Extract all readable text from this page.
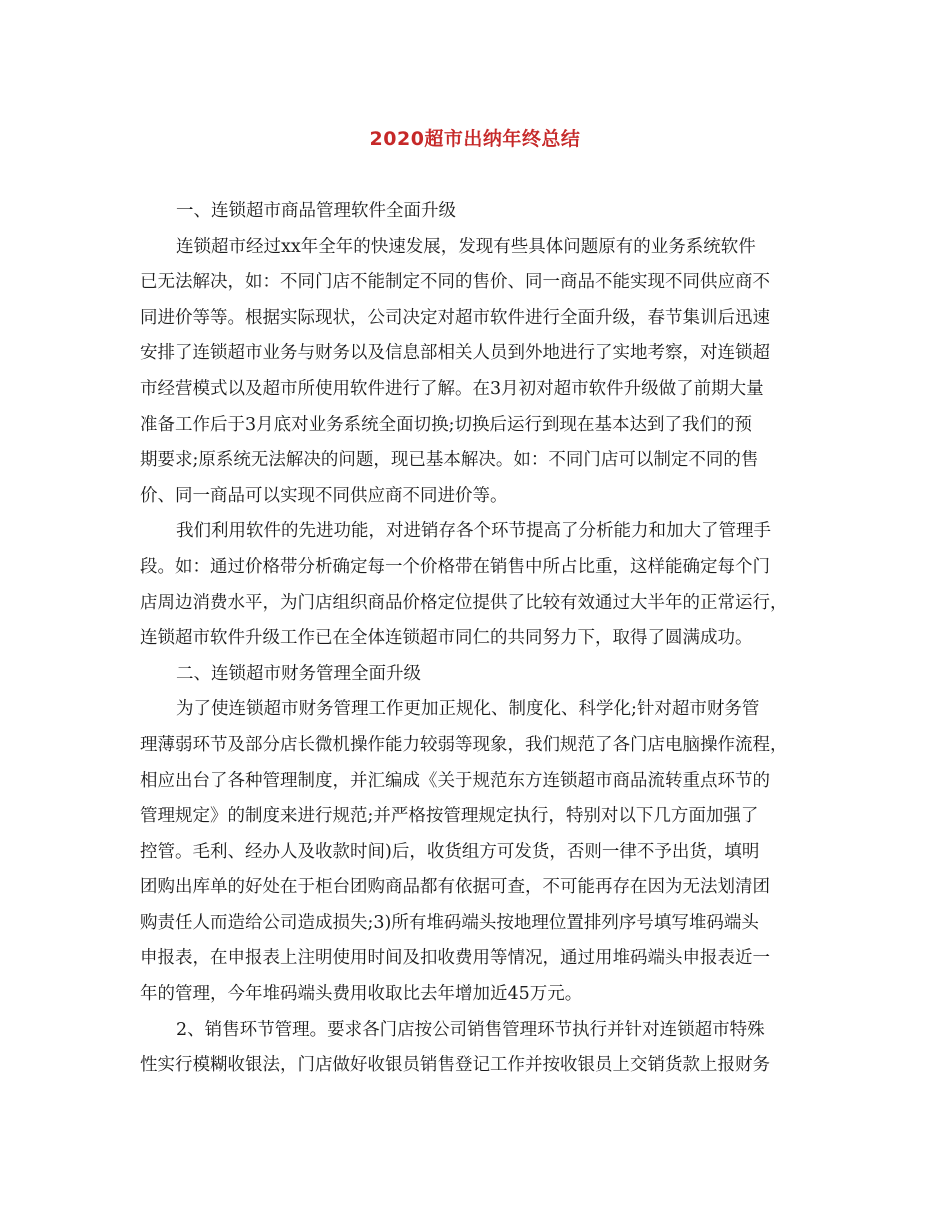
2020超市出纳年终总结
一、连锁超市商品管理软件全面升级
连锁超市经过xx年全年的快速发展，发现有些具体问题原有的业务系统软件
已无法解决，如：不同门店不能制定不同的售价、同一商品不能实现不同供应商不
同进价等等。根据实际现状，公司决定对超市软件进行全面升级，春节集训后迅速
安排了连锁超市业务与财务以及信息部相关人员到外地进行了实地考察，对连锁超
市经营模式以及超市所使用软件进行了解。在3月初对超市软件升级做了前期大量
准备工作后于3月底对业务系统全面切换;切换后运行到现在基本达到了我们的预
期要求;原系统无法解决的问题，现已基本解决。如：不同门店可以制定不同的售
价、同一商品可以实现不同供应商不同进价等。
我们利用软件的先进功能，对进销存各个环节提高了分析能力和加大了管理手
段。如：通过价格带分析确定每一个价格带在销售中所占比重，这样能确定每个门
店周边消费水平，为门店组织商品价格定位提供了比较有效通过大半年的正常运行，
连锁超市软件升级工作已在全体连锁超市同仁的共同努力下，取得了圆满成功。
二、连锁超市财务管理全面升级
为了使连锁超市财务管理工作更加正规化、制度化、科学化;针对超市财务管
理薄弱环节及部分店长微机操作能力较弱等现象，我们规范了各门店电脑操作流程，
相应出台了各种管理制度，并汇编成《关于规范东方连锁超市商品流转重点环节的
管理规定》的制度来进行规范;并严格按管理规定执行，特别对以下几方面加强了
控管。毛利、经办人及收款时间)后，收货组方可发货，否则一律不予出货，填明
团购出库单的好处在于柜台团购商品都有依据可查，不可能再存在因为无法划清团
购责任人而造给公司造成损失;3)所有堆码端头按地理位置排列序号填写堆码端头
申报表，在申报表上注明使用时间及扣收费用等情况，通过用堆码端头申报表近一
年的管理，今年堆码端头费用收取比去年增加近45万元。
2、销售环节管理。要求各门店按公司销售管理环节执行并针对连锁超市特殊
性实行模糊收银法，门店做好收银员销售登记工作并按收银员上交销货款上报财务
